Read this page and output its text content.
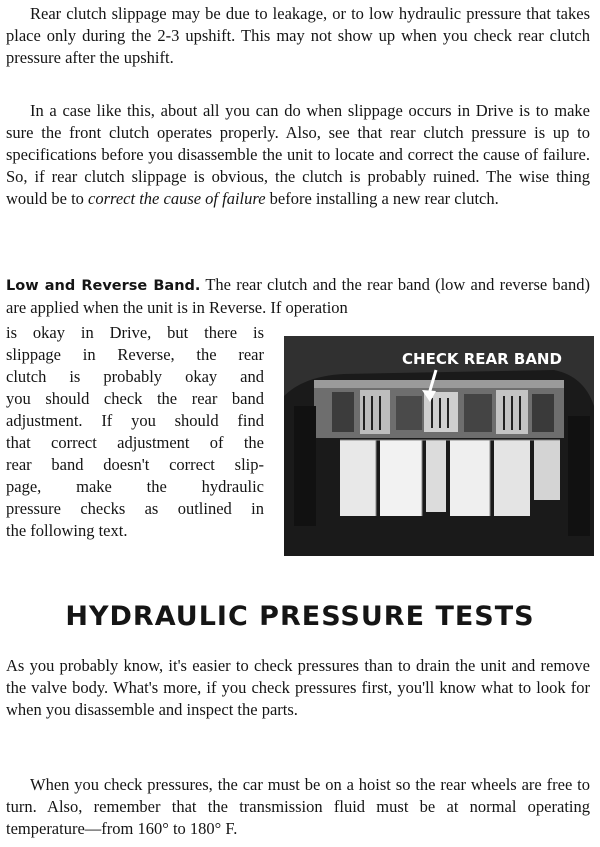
Rear clutch slippage may be due to leakage, or to low hydraulic pressure that takes place only during the 2-3 upshift. This may not show up when you check rear clutch pressure after the upshift.

In a case like this, about all you can do when slippage occurs in Drive is to make sure the front clutch operates properly. Also, see that rear clutch pressure is up to specifications before you disassemble the unit to locate and correct the cause of failure. So, if rear clutch slippage is obvious, the clutch is probably ruined. The wise thing would be to correct the cause of failure before installing a new rear clutch.

Low and Reverse Band. The rear clutch and the rear band (low and reverse band) are applied when the unit is in Reverse. If operation

is okay in Drive, but there is
slippage in Reverse, the rear
clutch is probably okay and
you should check the rear band
adjustment. If you should find
that correct adjustment of the
rear band doesn't correct slip-
page, make the hydraulic
pressure checks as outlined in
the following text.
CHECK REAR BAND
HYDRAULIC PRESSURE TESTS

As you probably know, it's easier to check pressures than to drain the unit and remove the valve body. What's more, if you check pressures first, you'll know what to look for when you disassemble and inspect the parts.

When you check pressures, the car must be on a hoist so the rear wheels are free to turn. Also, remember that the transmission fluid must be at normal operating temperature—from 160° to 180° F.
